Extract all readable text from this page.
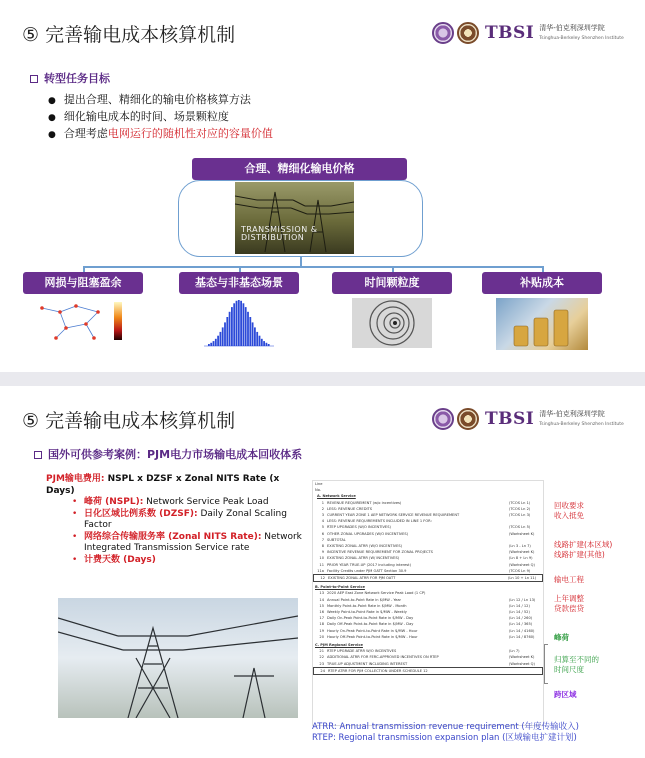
⑤ 完善输电成本核算机制	TBSI 清华-伯克利深圳学院
Tsinghua-Berkeley Shenzhen Institute
转型任务目标
● 提出合理、精细化的输电价格核算方法
● 细化输电成本的时间、场景颗粒度
● 合理考虑电网运行的随机性对应的容量价值
合理、精细化输电价格
TRANSMISSION &
DISTRIBUTION
网损与阻塞盈余	基态与非基态场景	时间颗粒度	补贴成本
⑤ 完善输电成本核算机制	TBSI 清华-伯克利深圳学院
Tsinghua-Berkeley Shenzhen Institute
国外可供参考案例：PJM电力市场输电成本回收体系
PJM输电费用: NSPL x DZSF x Zonal NITS Rate (x Days)
• 峰荷 (NSPL): Network Service Peak Load
• 日化区域比例系数 (DZSF): Daily Zonal Scaling Factor
• 网络综合传输服务率 (Zonal NITS Rate): Network Integrated Transmission Service rate
• 计费天数 (Days)
Line
No.
A. Network Service
1 REVENUE REQUIREMENT (w/o incentives)	(TCOS Ln 1)
2 LESS: REVENUE CREDITS	(TCOS Ln 2)
3 CURRENT YEAR ZONE 1 AEP NETWORK SERVICE REVENUE REQUIREMENT	(TCOS Ln 3)
4 LESS: REVENUE REQUIREMENTS INCLUDED IN LINE 1 FOR:
5 RTEP UPGRADES (W/O INCENTIVES)	(TCOS Ln 5)
6 OTHER ZONAL UPGRADES (W/O INCENTIVES)	(Worksheet K)
7 SUBTOTAL
8 EXISTING ZONAL ATRR (W/O INCENTIVES)	(Ln 3 - Ln 7)
9 INCENTIVE REVENUE REQUIREMENT FOR ZONAL PROJECTS	(Worksheet K)
10 EXISTING ZONAL ATRR (W/ INCENTIVES)	(Ln 8 + Ln 9)
11 PRIOR YEAR TRUE-UP (2017 including interest)	(Worksheet Q)
11a Facility Credits under PJM OATT Section 30.9	(TCOS Ln 9)
12 EXISTING ZONAL ATRR FOR PJM OATT	(Ln 10 + Ln 11)
B. Point-to-Point Service
13 2020 AEP East Zone Network Service Peak Load (1 CP)
14 Annual Point-to-Point Rate in $/MW - Year	(Ln 12 / Ln 13)
15 Monthly Point-to-Point Rate in $/MW - Month	(Ln 14 / 12)
16 Weekly Point-to-Point Rate in $/MW - Weekly	(Ln 14 / 52)
17 Daily On-Peak Point-to-Point Rate in $/MW - Day	(Ln 14 / 260)
18 Daily Off-Peak Point-to-Point Rate in $/MW - Day	(Ln 14 / 365)
19 Hourly On-Peak Point-to-Point Rate in $/MW - Hour	(Ln 14 / 4160)
20 Hourly Off-Peak Point-to-Point Rate in $/MW - Hour	(Ln 14 / 8760)
C. PJM Regional Service
21 RTEP UPGRADE ATRR W/O INCENTIVES	(Ln 7)
22 ADDITIONAL ATRR FOR FERC-APPROVED INCENTIVES ON RTEP	(Worksheet K)
23 TRUE-UP ADJUSTMENT INCLUDING INTEREST	(Worksheet Q)
24 RTEP ATRR FOR PJM COLLECTION UNDER SCHEDULE 12
回收要求
收入抵免
线路扩建(本区域)
线路扩建(其他)
输电工程
上年调整
贷款偿贷
峰荷
归算至不同的
时间尺度
跨区域
ATRR: Annual transmission revenue requirement (年度传输收入)
RTEP: Regional transmission expansion plan (区域输电扩建计划)
